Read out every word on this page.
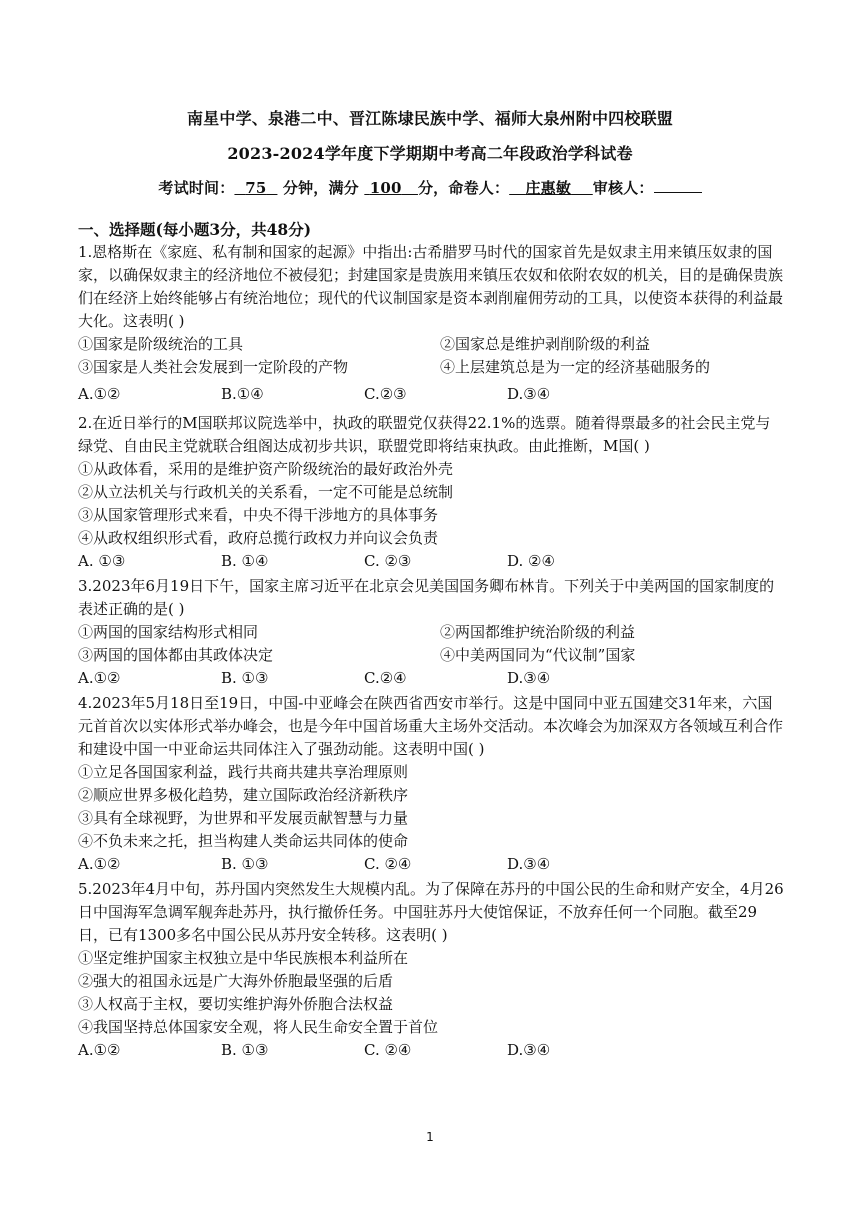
南星中学、泉港二中、晋江陈埭民族中学、福师大泉州附中四校联盟
2023-2024学年度下学期期中考高二年段政治学科试卷
考试时间： 75 分钟，满分 100 分，命卷人： 庄惠敏 审核人：
一、选择题(每小题3分，共48分)

1.恩格斯在《家庭、私有制和国家的起源》中指出:古希腊罗马时代的国家首先是奴隶主用来镇压奴隶的国家，以确保奴隶主的经济地位不被侵犯；封建国家是贵族用来镇压农奴和依附农奴的机关，目的是确保贵族们在经济上始终能够占有统治地位；现代的代议制国家是资本剥削雇佣劳动的工具，以使资本获得的利益最大化。这表明( )

①国家是阶级统治的工具	②国家总是维护剥削阶级的利益
③国家是人类社会发展到一定阶段的产物	④上层建筑总是为一定的经济基础服务的
A.①②	B.①④	C.②③	D.③④

2.在近日举行的M国联邦议院选举中，执政的联盟党仅获得22.1%的选票。随着得票最多的社会民主党与绿党、自由民主党就联合组阁达成初步共识，联盟党即将结束执政。由此推断，M国( )

①从政体看，采用的是维护资产阶级统治的最好政治外壳

②从立法机关与行政机关的关系看，一定不可能是总统制

③从国家管理形式来看，中央不得干涉地方的具体事务

④从政权组织形式看，政府总揽行政权力并向议会负责

A. ①③	B. ①④	C. ②③	D. ②④

3.2023年6月19日下午，国家主席习近平在北京会见美国国务卿布林肯。下列关于中美两国的国家制度的表述正确的是( )

①两国的国家结构形式相同	②两国都维护统治阶级的利益
③两国的国体都由其政体决定	④中美两国同为“代议制”国家
A.①②	B. ①③	C.②④	D.③④

4.2023年5月18日至19日，中国-中亚峰会在陕西省西安市举行。这是中国同中亚五国建交31年来，六国元首首次以实体形式举办峰会，也是今年中国首场重大主场外交活动。本次峰会为加深双方各领域互利合作和建设中国一中亚命运共同体注入了强劲动能。这表明中国( )

①立足各国国家利益，践行共商共建共享治理原则

②顺应世界多极化趋势，建立国际政治经济新秩序

③具有全球视野，为世界和平发展贡献智慧与力量

④不负未来之托，担当构建人类命运共同体的使命

A.①②	B. ①③	C. ②④	D.③④

5.2023年4月中旬，苏丹国内突然发生大规模内乱。为了保障在苏丹的中国公民的生命和财产安全，4月26日中国海军急调军舰奔赴苏丹，执行撤侨任务。中国驻苏丹大使馆保证，不放弃任何一个同胞。截至29日，已有1300多名中国公民从苏丹安全转移。这表明( )

①坚定维护国家主权独立是中华民族根本利益所在

②强大的祖国永远是广大海外侨胞最坚强的后盾

③人权高于主权，要切实维护海外侨胞合法权益

④我国坚持总体国家安全观，将人民生命安全置于首位

A.①②	B. ①③	C. ②④	D.③④
1
